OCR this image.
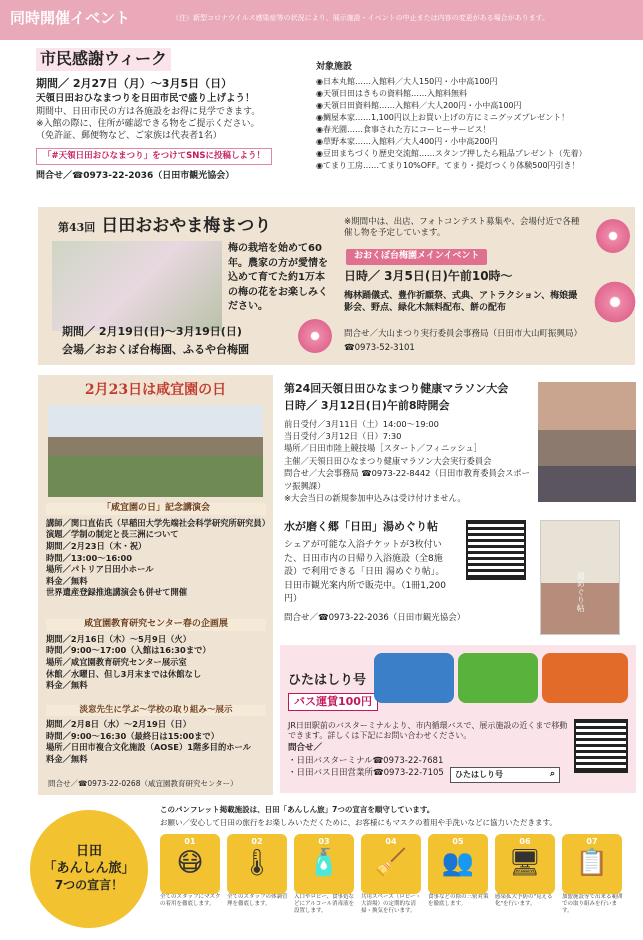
同時開催イベント	（注）新型コロナウイルス感染症等の状況により、展示施設・イベントの中止または内容の変更がある場合があります。
市民感謝ウィーク
期間／ 2月27日（月）～3月5日（日）
天領日田おひなまつりを日田市民で盛り上げよう！
期間中、日田市民の方は各施設をお得に見学できます。
※入館の際に、住所が確認できる物をご提示ください。
（免許証、郵便物など、ご家族は代表者1名）
「#天領日田おひなまつり」をつけてSNSに投稿しよう！
問合せ／☎0973-22-2036（日田市観光協会）
対象施設
◉日本丸館……入館料／大人150円・小中高100円
◉天領日田はきもの資料館……入館料無料
◉天領日田資料館……入館料／大人200円・小中高100円
◉鯛屋本家……1,100円以上お買い上げの方にミニグッズプレゼント！
◉春光園……食事された方にコーヒーサービス！
◉草野本家……入館料／大人400円・小中高200円
◉豆田まちづくり歴史交流館……スタンプ押したら粗品プレゼント（先着）
◉てまり工房……てまり10%OFF。てまり・提灯つくり体験500円引き！
第43回 日田おおやま梅まつり
梅の栽培を始めて60年。農家の方が愛情を込めて育てた約1万本の梅の花をお楽しみください。
期間／ 2月19日(日)～3月19日(日)
会場／おおくぼ台梅園、ふるや台梅園
※期間中は、出店、フォトコンテスト募集や、会場付近で各種催し物を予定しています。
おおくぼ台梅園メインイベント
日時／ 3月5日(日)午前10時～
梅林踊儀式、豊作祈願祭、式典、アトラクション、梅娘撮影会、野点、緑化木無料配布、餅の配布
問合せ／大山まつり実行委員会事務局（日田市大山町振興局）
☎0973-52-3101
2月23日は咸宜園の日
「咸宜園の日」記念講演会
講師／関口直佑氏（早稲田大学先端社会科学研究所研究員）
演題／学制の制定と長三洲について
期間／2月23日（木・祝）
時間／13:00～16:00
場所／パトリア日田小ホール
料金／無料
世界遺産登録推進講演会も併せて開催
咸宜園教育研究センター春の企画展
期間／2月16日（木）～5月9日（火）
時間／9:00～17:00（入館は16:30まで）
場所／咸宜園教育研究センター展示室
休館／水曜日、但し3月末までは休館なし
料金／無料
淡窓先生に学ぶ～学校の取り組み～展示
期間／2月8日（水）～2月19日（日）
時間／9:00～16:30（最終日は15:00まで）
場所／日田市複合文化施設（AOSE）1階多目的ホール
料金／無料
問合せ／☎0973-22-0268（咸宜園教育研究センター）
第24回天領日田ひなまつり健康マラソン大会
日時／ 3月12日(日)午前8時開会
前日受付／3月11日（土）14:00～19:00
当日受付／3月12日（日）7:30
場所／日田市陸上競技場［スタート／フィニッシュ］
主催／天領日田ひなまつり健康マラソン大会実行委員会
問合せ／大会事務局 ☎0973-22-8442（日田市教育委員会スポーツ振興課）
※大会当日の新規参加申込みは受け付けません。
水が磨く郷「日田」湯めぐり帖
シェアが可能な入浴チケットが3枚付いた、日田市内の日帰り入浴施設（全8施設）で利用できる「日田 湯めぐり帖」。日田市観光案内所で販売中。（1冊1,200円）
問合せ／☎0973-22-2036（日田市観光協会）
湯めぐり帖
ひたはしり号
バス運賃100円
JR日田駅前のバスターミナルより、市内循環バスで、展示施設の近くまで移動できます。詳しくは下記にお問い合わせください。
問合せ／
・日田バスターミナル☎0973-22-7681
・日田バス日田営業所☎0973-22-7105 ひたはしり号	⌕
このパンフレット掲載施設は、日田「あんしん旅」7つの宣言を順守しています。
お願い／安心して日田の旅行をお楽しみいただくために、お客様にもマスクの着用や手洗いなどに協力いただきます。
日田
「あんしん旅」
7つの宣言！
01
😷
全てのスタッフにマスクの着用を徹底します。
02
🌡
全てのスタッフの体調管理を徹底します。
03
🧴
入口やロビー、食事処などにアルコール消毒液を設置します。
04
🧹
共用スペース（ロビー・大浴場）の定期的な清掃・換気を行います。
05
👥
食事などの際の三密対策を徹底します。
06
🖥
感染拡大予防の"見える化"を行います。
07
📋
加盟施設等で出来る範囲での取り組みを行います。
